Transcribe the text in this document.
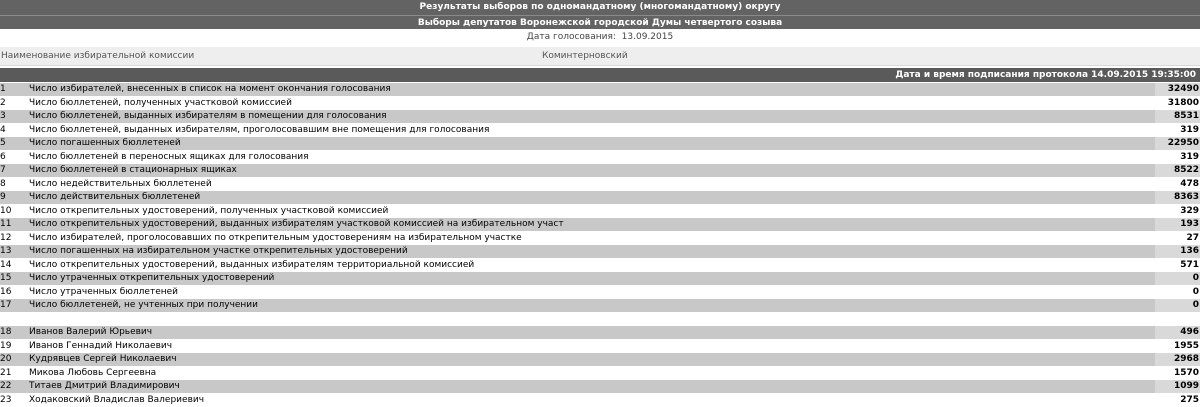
Результаты выборов по одномандатному (многомандатному) округу
Выборы депутатов Воронежской городской Думы четвертого созыва
Дата голосования: 13.09.2015
Наименование избирательной комиссии	Коминтерновский
Дата и время подписания протокола 14.09.2015 19:35:00
1	Число избирателей, внесенных в список на момент окончания голосования	32490
2	Число бюллетеней, полученных участковой комиссией	31800
3	Число бюллетеней, выданных избирателям в помещении для голосования	8531
4	Число бюллетеней, выданных избирателям, проголосовавшим вне помещения для голосования	319
5	Число погашенных бюллетеней	22950
6	Число бюллетеней в переносных ящиках для голосования	319
7	Число бюллетеней в стационарных ящиках	8522
8	Число недействительных бюллетеней	478
9	Число действительных бюллетеней	8363
10	Число открепительных удостоверений, полученных участковой комиссией	329
11	Число открепительных удостоверений, выданных избирателям участковой комиссией на избирательном участ	193
12	Число избирателей, проголосовавших по открепительным удостоверениям на избирательном участке	27
13	Число погашенных на избирательном участке открепительных удостоверений	136
14	Число открепительных удостоверений, выданных избирателям территориальной комиссией	571
15	Число утраченных открепительных удостоверений	0
16	Число утраченных бюллетеней	0
17	Число бюллетеней, не учтенных при получении	0
18	Иванов Валерий Юрьевич	496
19	Иванов Геннадий Николаевич	1955
20	Кудрявцев Сергей Николаевич	2968
21	Микова Любовь Сергеевна	1570
22	Титаев Дмитрий Владимирович	1099
23	Ходаковский Владислав Валериевич	275
